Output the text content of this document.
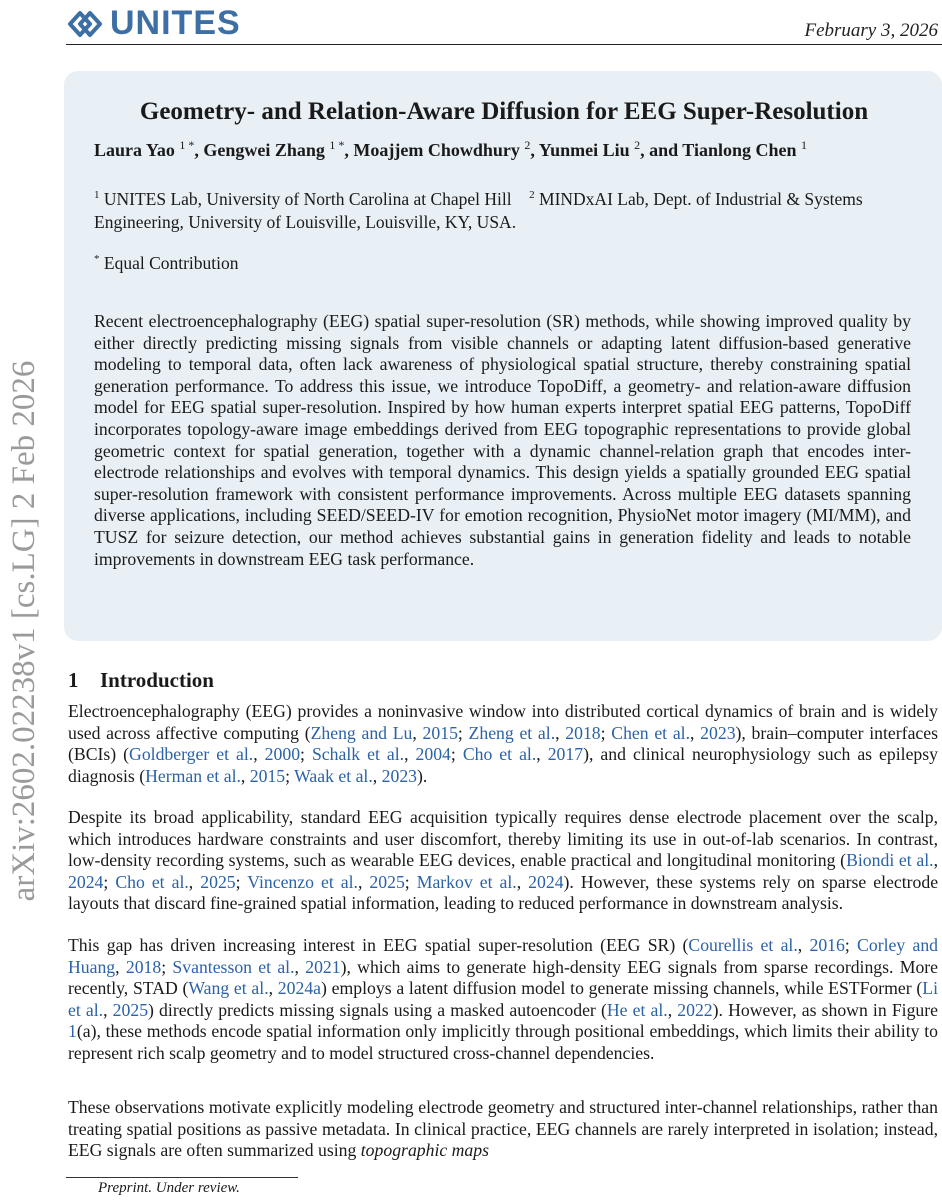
UNITES	February 3, 2026
arXiv:2602.02238v1 [cs.LG] 2 Feb 2026
Geometry- and Relation-Aware Diffusion for EEG Super-Resolution
Laura Yao $^{1 *}$, Gengwei Zhang $^{1 *}$, Moajjem Chowdhury $^2$, Yunmei Liu $^2$, and Tianlong Chen $^1$
$^1$ UNITES Lab, University of North Carolina at Chapel Hill $^2$ MINDxAI Lab, Dept. of Industrial & Systems Engineering, University of Louisville, Louisville, KY, USA.
* Equal Contribution
Recent electroencephalography (EEG) spatial super-resolution (SR) methods, while showing improved quality by either directly predicting missing signals from visible channels or adapting latent diffusion-based generative modeling to temporal data, often lack awareness of physiological spatial structure, thereby constraining spatial generation performance. To address this issue, we introduce TopoDiff, a geometry- and relation-aware diffusion model for EEG spatial super-resolution. Inspired by how human experts interpret spatial EEG patterns, TopoDiff incorporates topology-aware image embeddings derived from EEG topographic representations to provide global geometric context for spatial generation, together with a dynamic channel-relation graph that encodes inter-electrode relationships and evolves with temporal dynamics. This design yields a spatially grounded EEG spatial super-resolution framework with consistent performance improvements. Across multiple EEG datasets spanning diverse applications, including SEED/SEED-IV for emotion recognition, PhysioNet motor imagery (MI/MM), and TUSZ for seizure detection, our method achieves substantial gains in generation fidelity and leads to notable improvements in downstream EEG task performance.
1 Introduction
Electroencephalography (EEG) provides a noninvasive window into distributed cortical dynamics of brain and is widely used across affective computing (Zheng and Lu, 2015; Zheng et al., 2018; Chen et al., 2023), brain–computer interfaces (BCIs) (Goldberger et al., 2000; Schalk et al., 2004; Cho et al., 2017), and clinical neurophysiology such as epilepsy diagnosis (Herman et al., 2015; Waak et al., 2023).
Despite its broad applicability, standard EEG acquisition typically requires dense electrode placement over the scalp, which introduces hardware constraints and user discomfort, thereby limiting its use in out-of-lab scenarios. In contrast, low-density recording systems, such as wearable EEG devices, enable practical and longitudinal monitoring (Biondi et al., 2024; Cho et al., 2025; Vincenzo et al., 2025; Markov et al., 2024). However, these systems rely on sparse electrode layouts that discard fine-grained spatial information, leading to reduced performance in downstream analysis.
This gap has driven increasing interest in EEG spatial super-resolution (EEG SR) (Courellis et al., 2016; Corley and Huang, 2018; Svantesson et al., 2021), which aims to generate high-density EEG signals from sparse recordings. More recently, STAD (Wang et al., 2024a) employs a latent diffusion model to generate missing channels, while ESTFormer (Li et al., 2025) directly predicts missing signals using a masked autoencoder (He et al., 2022). However, as shown in Figure 1(a), these methods encode spatial information only implicitly through positional embeddings, which limits their ability to represent rich scalp geometry and to model structured cross-channel dependencies.
These observations motivate explicitly modeling electrode geometry and structured inter-channel relationships, rather than treating spatial positions as passive metadata. In clinical practice, EEG channels are rarely interpreted in isolation; instead, EEG signals are often summarized using topographic maps
Preprint. Under review.
